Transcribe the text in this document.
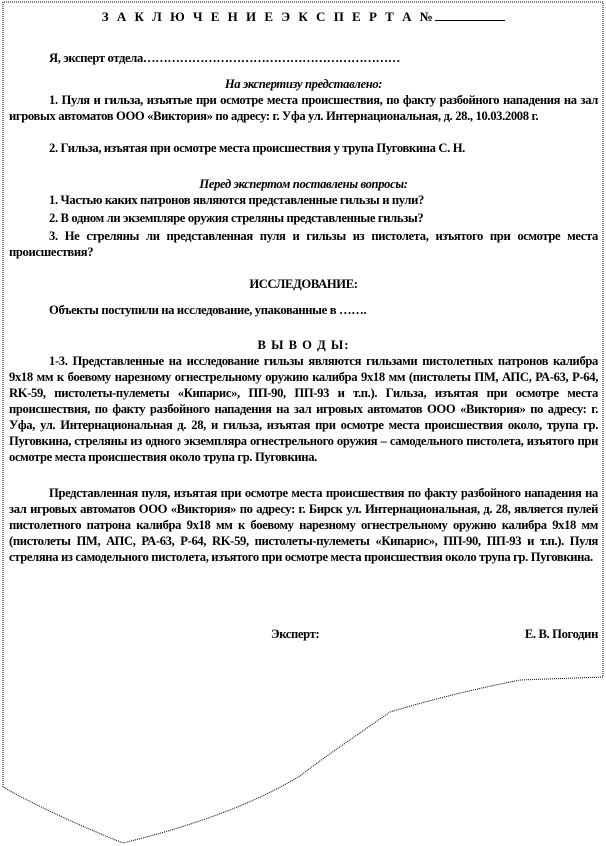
З А К Л Ю Ч Е Н И Е Э К С П Е Р Т А №
Я, эксперт отдела………………………………………………………
На экспертизу представлено:
1. Пуля и гильза, изъятые при осмотре места происшествия, по факту разбойного нападения на зал игровых автоматов ООО «Виктория» по адресу: г. Уфа ул. Интернациональная, д. 28., 10.03.2008 г.
2. Гильза, изъятая при осмотре места происшествия у трупа Пуговкина С. Н.
Перед экспертом поставлены вопросы:
1. Частью каких патронов являются представленные гильзы и пули?
2. В одном ли экземпляре оружия стреляны представленные гильзы?
3. Не стреляны ли представленная пуля и гильзы из пистолета, изъятого при осмотре места происшествия?
ИССЛЕДОВАНИЕ:
Объекты поступили на исследование, упакованные в …….
В Ы В О Д Ы:
1-3. Представленные на исследование гильзы являются гильзами пистолетных патронов калибра 9х18 мм к боевому нарезному огнестрельному оружию калибра 9х18 мм (пистолеты ПМ, АПС, РА-63, Р-64, RK-59, пистолеты-пулеметы «Кипарис», ПП-90, ПП-93 и т.п.). Гильза, изъятая при осмотре места происшествия, по факту разбойного нападения на зал игровых автоматов ООО «Виктория» по адресу: г. Уфа, ул. Интернациональная д. 28, и гильза, изъятая при осмотре места происшествия около, трупа гр. Пуговкина, стреляны из одного экземпляра огнестрельного оружия – самодельного пистолета, изъятого при осмотре места происшествия около трупа гр. Пуговкина.
Представленная пуля, изъятая при осмотре места происшествия по факту разбойного нападения на зал игровых автоматов ООО «Виктория» по адресу: г. Бирск ул. Интернациональная, д. 28, является пулей пистолетного патрона калибра 9х18 мм к боевому нарезному огнестрельному оружию калибра 9х18 мм (пистолеты ПМ, АПС, РА-63, Р-64, RK-59, пистолеты-пулеметы «Кипарис», ПП-90, ПП-93 и т.п.). Пуля стреляна из самодельного пистолета, изъятого при осмотре места происшествия около трупа гр. Пуговкина.
Эксперт:	Е. В. Погодин
